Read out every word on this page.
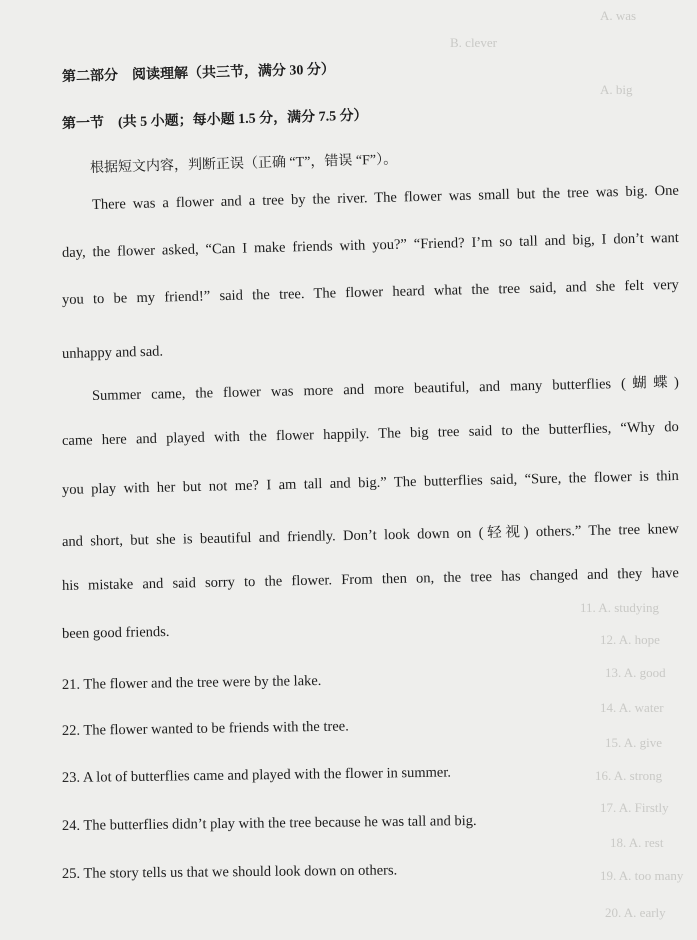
A. was
B. clever
A. big
11. A. studying
12. A. hope
13. A. good
14. A. water
15. A. give
16. A. strong
17. A. Firstly
18. A. rest
19. A. too many
20. A. early
第二部分　阅读理解（共三节，满分 30 分）
第一节　(共 5 小题；每小题 1.5 分，满分 7.5 分）
根据短文内容，判断正误（正确 “T”，错误 “F”）。
There was a flower and a tree by the river. The flower was small but the tree was big. One
day, the flower asked, “Can I make friends with you?” “Friend? I’m so tall and big, I don’t want
you to be my friend!” said the tree. The flower heard what the tree said, and she felt very
unhappy and sad.
Summer came, the flower was more and more beautiful, and many butterflies (蝴蝶)
came here and played with the flower happily. The big tree said to the butterflies, “Why do
you play with her but not me? I am tall and big.” The butterflies said, “Sure, the flower is thin
and short, but she is beautiful and friendly. Don’t look down on (轻视) others.” The tree knew
his mistake and said sorry to the flower. From then on, the tree has changed and they have
been good friends.
21. The flower and the tree were by the lake.
22. The flower wanted to be friends with the tree.
23. A lot of butterflies came and played with the flower in summer.
24. The butterflies didn’t play with the tree because he was tall and big.
25. The story tells us that we should look down on others.
